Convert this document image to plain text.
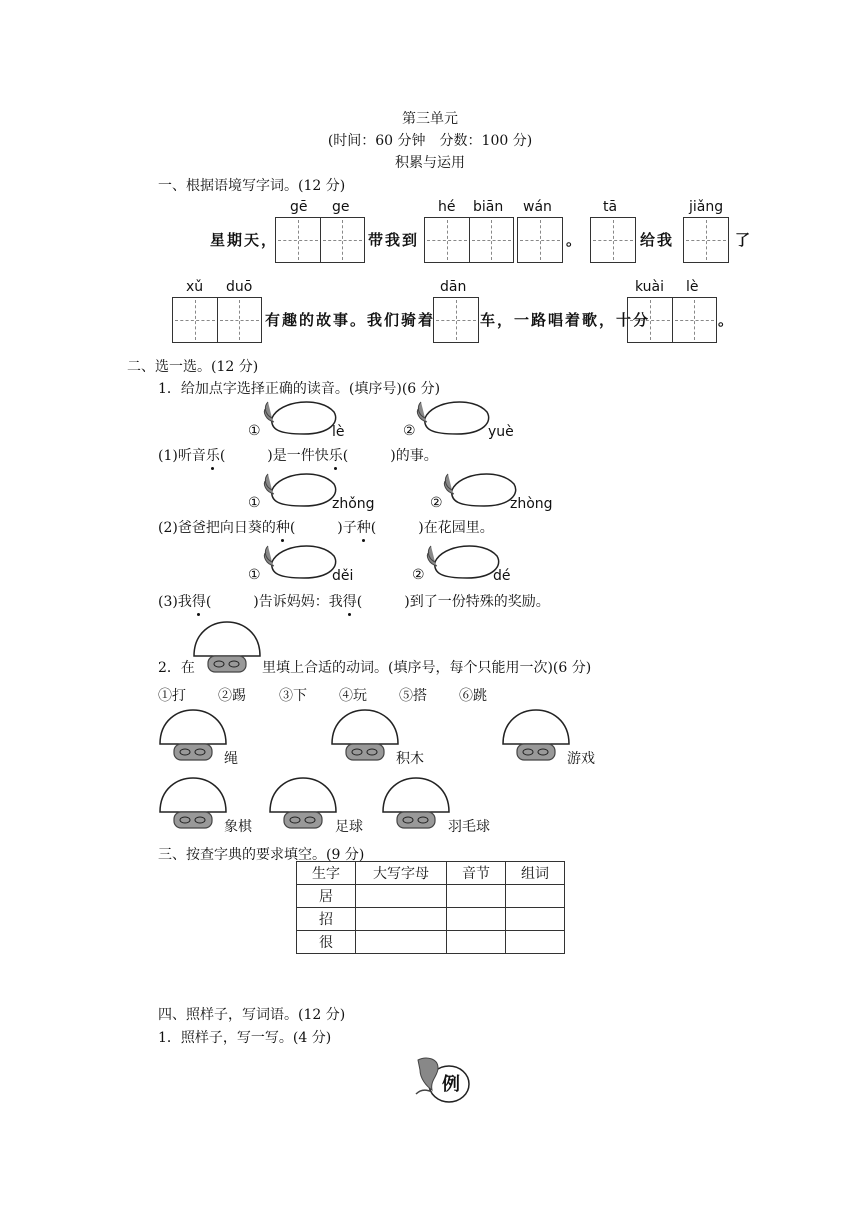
第三单元
(时间：60 分钟　分数：100 分)
积累与运用
一、根据语境写字词。(12 分)
gē ge	hé biān wán	tā	jiǎng
星期天，	带我到	。	给我	了
xǔ duō	dān	kuài lè
有趣的故事。我们骑着	车，一路唱着歌，十分	。
二、选一选。(12 分)
1．给加点字选择正确的读音。(填序号)(6 分)
①	lè	②	yuè
(1)听音乐(　　　)是一件快乐(　　　)的事。
①	zhǒng	②	zhòng
(2)爸爸把向日葵的种(　　　)子种(　　　)在花园里。
①	děi	②	dé
(3)我得(　　　)告诉妈妈：我得(　　　)到了一份特殊的奖励。
2．在	里填上合适的动词。(填序号，每个只能用一次)(6 分)
①打 ②踢 ③下 ④玩 ⑤搭 ⑥跳
绳	积木	游戏
象棋	足球	羽毛球
三、按查字典的要求填空。(9 分)
生字	大写字母	音节	组词
居			
招			
很			
四、照样子，写词语。(12 分)
1．照样子，写一写。(4 分)
例
